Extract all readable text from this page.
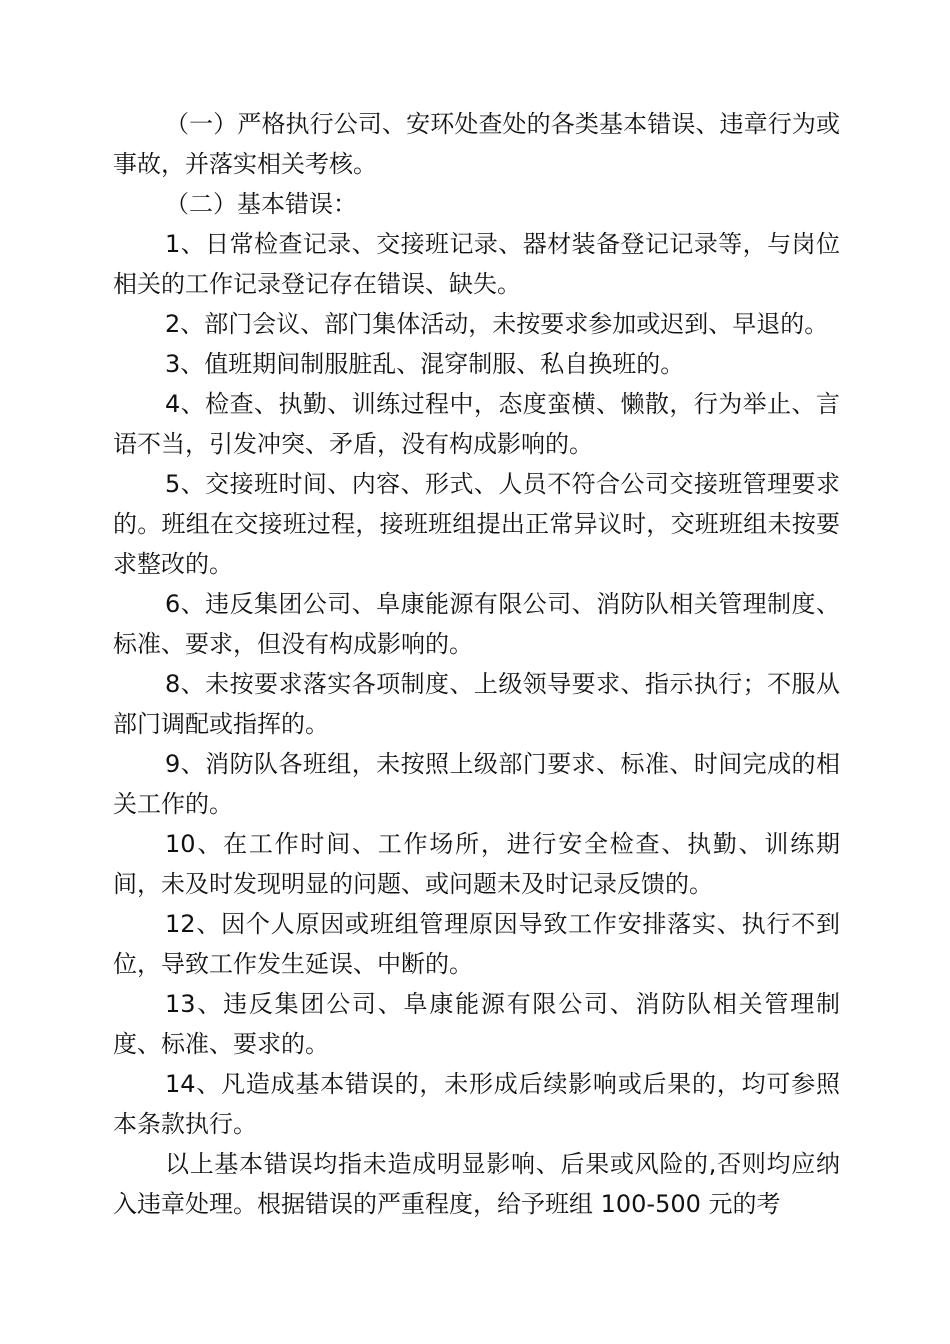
（一）严格执行公司、安环处查处的各类基本错误、违章行为或事故，并落实相关考核。

（二）基本错误：

1、日常检查记录、交接班记录、器材装备登记记录等，与岗位相关的工作记录登记存在错误、缺失。

2、部门会议、部门集体活动，未按要求参加或迟到、早退的。

3、值班期间制服脏乱、混穿制服、私自换班的。

4、检查、执勤、训练过程中，态度蛮横、懒散，行为举止、言语不当，引发冲突、矛盾，没有构成影响的。

5、交接班时间、内容、形式、人员不符合公司交接班管理要求的。班组在交接班过程，接班班组提出正常异议时，交班班组未按要求整改的。

6、违反集团公司、阜康能源有限公司、消防队相关管理制度、标准、要求，但没有构成影响的。

8、未按要求落实各项制度、上级领导要求、指示执行；不服从部门调配或指挥的。

9、消防队各班组，未按照上级部门要求、标准、时间完成的相关工作的。

10、在工作时间、工作场所，进行安全检查、执勤、训练期间，未及时发现明显的问题、或问题未及时记录反馈的。

12、因个人原因或班组管理原因导致工作安排落实、执行不到位，导致工作发生延误、中断的。

13、违反集团公司、阜康能源有限公司、消防队相关管理制度、标准、要求的。

14、凡造成基本错误的，未形成后续影响或后果的，均可参照本条款执行。

以上基本错误均指未造成明显影响、后果或风险的,否则均应纳入违章处理。根据错误的严重程度，给予班组 100-500 元的考
